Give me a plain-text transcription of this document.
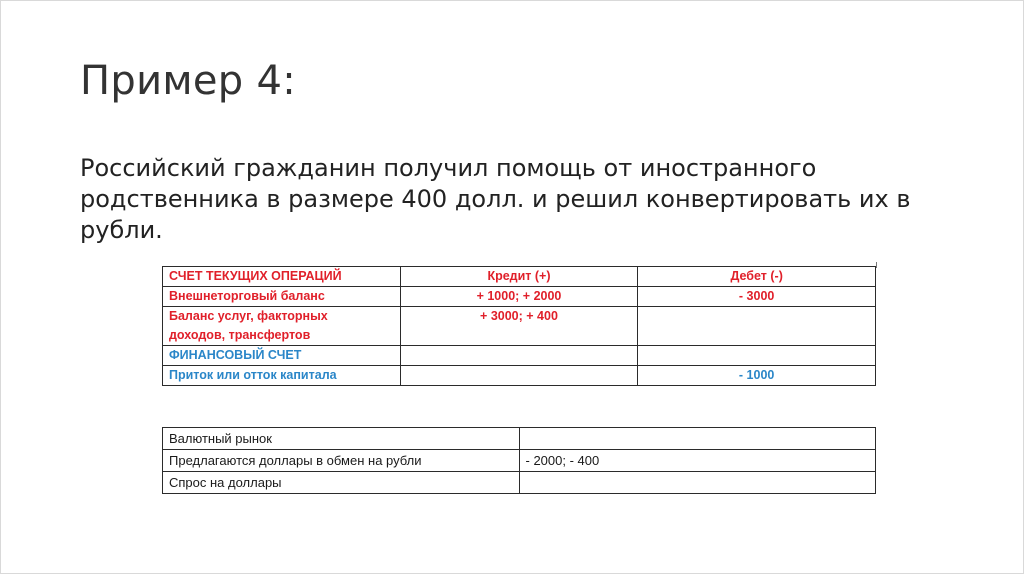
Пример 4:
Российский гражданин получил помощь от иностранного родственника в размере 400 долл. и решил конвертировать их в рубли.
СЧЕТ ТЕКУЩИХ ОПЕРАЦИЙ	Кредит (+)	Дебет (-)
Внешнеторговый баланс	+ 1000; + 2000	- 3000

Баланс услуг, факторных
доходов, трансфертов	+ 3000; + 400	
ФИНАНСОВЫЙ СЧЕТ		
Приток или отток капитала		- 1000
Валютный рынок	
Предлагаются доллары в обмен на рубли	- 2000; - 400
Спрос на доллары	
